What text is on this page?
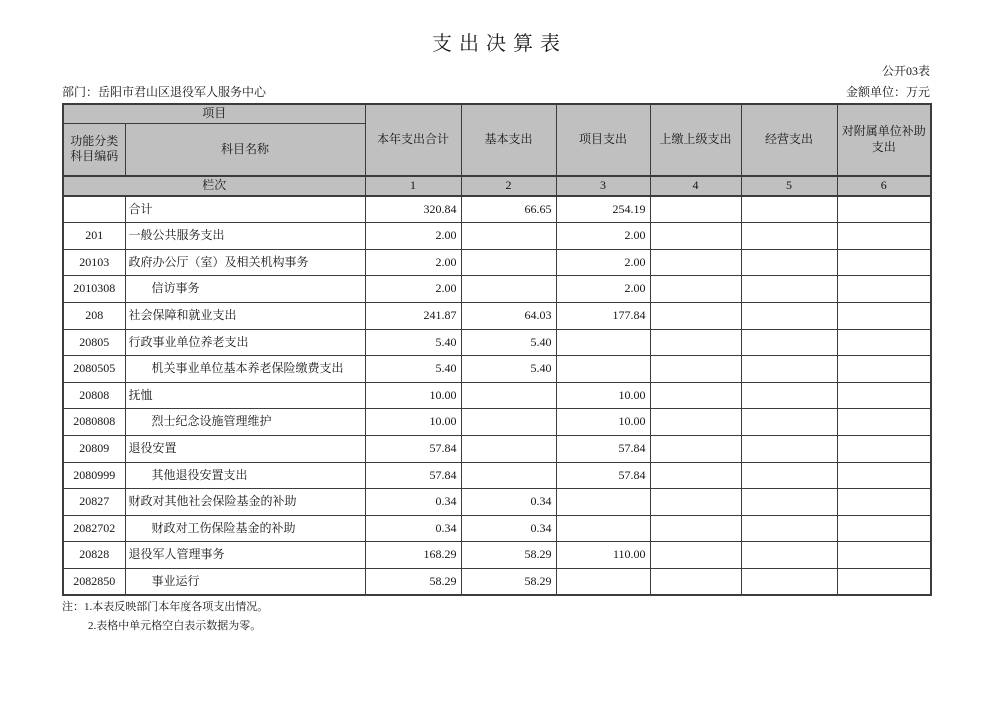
支出决算表
公开03表
部门：岳阳市君山区退役军人服务中心	金额单位：万元
项目		本年支出合计	基本支出	项目支出	上缴上级支出	经营支出	对附属单位补助支出
功能分类科目编码	科目名称						
栏次		1	2	3	4	5	6
	合计	320.84	66.65	254.19			
201	一般公共服务支出	2.00		2.00			
20103	政府办公厅（室）及相关机构事务	2.00		2.00			
2010308	信访事务	2.00		2.00			
208	社会保障和就业支出	241.87	64.03	177.84			
20805	行政事业单位养老支出	5.40	5.40				
2080505	机关事业单位基本养老保险缴费支出	5.40	5.40				
20808	抚恤	10.00		10.00			
2080808	烈士纪念设施管理维护	10.00		10.00			
20809	退役安置	57.84		57.84			
2080999	其他退役安置支出	57.84		57.84			
20827	财政对其他社会保险基金的补助	0.34	0.34				
2082702	财政对工伤保险基金的补助	0.34	0.34				
20828	退役军人管理事务	168.29	58.29	110.00			
2082850	事业运行	58.29	58.29				
注：1.本表反映部门本年度各项支出情况。
2.表格中单元格空白表示数据为零。
